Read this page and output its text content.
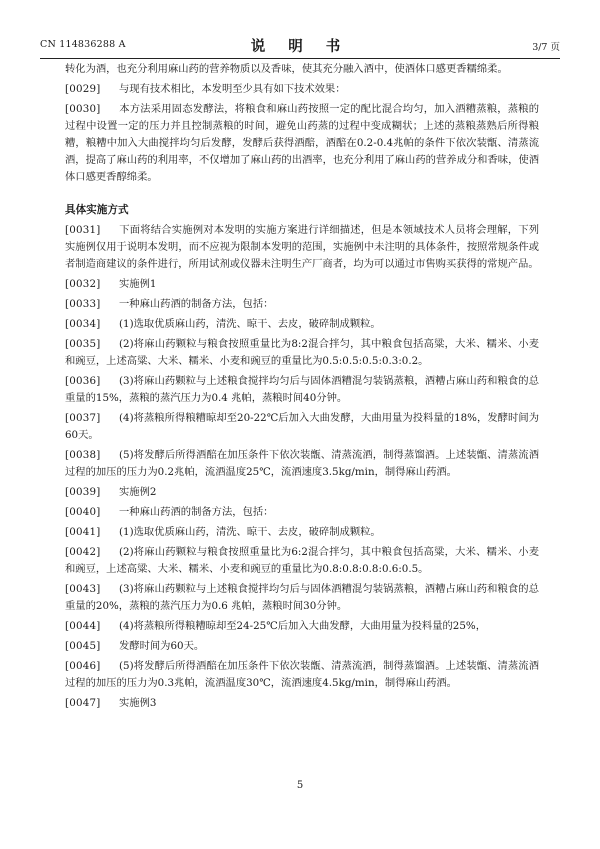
CN 114836288 A	说 明 书	3/7 页

转化为酒，也充分利用麻山药的营养物质以及香味，使其充分融入酒中，使酒体口感更香糯绵柔。

[0029] 与现有技术相比，本发明至少具有如下技术效果：

[0030] 本方法采用固态发酵法，将粮食和麻山药按照一定的配比混合均匀，加入酒糟蒸粮，蒸粮的过程中设置一定的压力并且控制蒸粮的时间，避免山药蒸的过程中变成糊状；上述的蒸粮蒸熟后所得粮糟，粮糟中加入大曲搅拌均匀后发酵，发酵后获得酒醅，酒醅在0.2-0.4兆帕的条件下依次装甑、清蒸流酒，提高了麻山药的利用率，不仅增加了麻山药的出酒率，也充分利用了麻山药的营养成分和香味，使酒体口感更香醇绵柔。

具体实施方式

[0031] 下面将结合实施例对本发明的实施方案进行详细描述，但是本领域技术人员将会理解，下列实施例仅用于说明本发明，而不应视为限制本发明的范围，实施例中未注明的具体条件，按照常规条件或者制造商建议的条件进行，所用试剂或仪器未注明生产厂商者，均为可以通过市售购买获得的常规产品。

[0032] 实施例1

[0033] 一种麻山药酒的制备方法，包括：

[0034] (1)选取优质麻山药，清洗、晾干、去皮，破碎制成颗粒。

[0035] (2)将麻山药颗粒与粮食按照重量比为8:2混合拌匀，其中粮食包括高粱，大米、糯米、小麦和豌豆，上述高粱、大米、糯米、小麦和豌豆的重量比为0.5:0.5:0.5:0.3:0.2。

[0036] (3)将麻山药颗粒与上述粮食搅拌均匀后与固体酒糟混匀装锅蒸粮，酒糟占麻山药和粮食的总重量的15%，蒸粮的蒸汽压力为0.4 兆帕，蒸粮时间40分钟。

[0037] (4)将蒸粮所得粮糟晾却至20-22℃后加入大曲发酵，大曲用量为投料量的18%，发酵时间为60天。

[0038] (5)将发酵后所得酒醅在加压条件下依次装甑、清蒸流酒，制得蒸馏酒。上述装甑、清蒸流酒过程的加压的压力为0.2兆帕，流酒温度25℃，流酒速度3.5kg/min，制得麻山药酒。

[0039] 实施例2

[0040] 一种麻山药酒的制备方法，包括：

[0041] (1)选取优质麻山药，清洗、晾干、去皮，破碎制成颗粒。

[0042] (2)将麻山药颗粒与粮食按照重量比为6:2混合拌匀，其中粮食包括高粱，大米、糯米、小麦和豌豆，上述高粱、大米、糯米、小麦和豌豆的重量比为0.8:0.8:0.8:0.6:0.5。

[0043] (3)将麻山药颗粒与上述粮食搅拌均匀后与固体酒糟混匀装锅蒸粮，酒糟占麻山药和粮食的总重量的20%，蒸粮的蒸汽压力为0.6 兆帕，蒸粮时间30分钟。

[0044] (4)将蒸粮所得粮糟晾却至24-25℃后加入大曲发酵，大曲用量为投料量的25%，

[0045] 发酵时间为60天。

[0046] (5)将发酵后所得酒醅在加压条件下依次装甑、清蒸流酒，制得蒸馏酒。上述装甑、清蒸流酒过程的加压的压力为0.3兆帕，流酒温度30℃，流酒速度4.5kg/min，制得麻山药酒。

[0047] 实施例3

5
